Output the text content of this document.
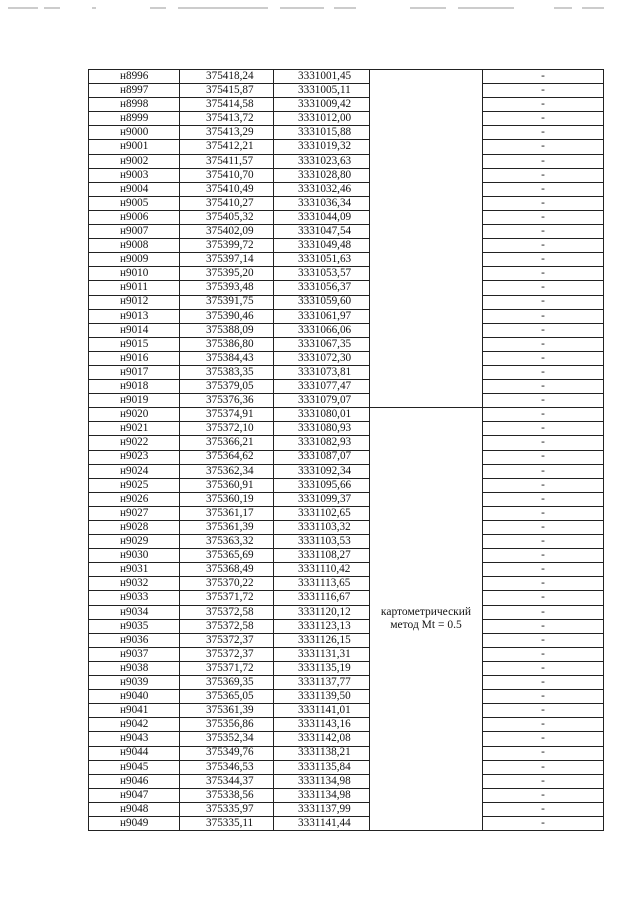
н8996	375418,24	3331001,45		-
н8997	375415,87	3331005,11		-
н8998	375414,58	3331009,42		-
н8999	375413,72	3331012,00		-
н9000	375413,29	3331015,88		-
н9001	375412,21	3331019,32		-
н9002	375411,57	3331023,63		-
н9003	375410,70	3331028,80		-
н9004	375410,49	3331032,46		-
н9005	375410,27	3331036,34		-
н9006	375405,32	3331044,09		-
н9007	375402,09	3331047,54		-
н9008	375399,72	3331049,48		-
н9009	375397,14	3331051,63		-
н9010	375395,20	3331053,57		-
н9011	375393,48	3331056,37		-
н9012	375391,75	3331059,60		-
н9013	375390,46	3331061,97		-
н9014	375388,09	3331066,06		-
н9015	375386,80	3331067,35		-
н9016	375384,43	3331072,30		-
н9017	375383,35	3331073,81		-
н9018	375379,05	3331077,47		-
н9019	375376,36	3331079,07		-
н9020	375374,91	3331080,01	картометрический
метод Mt = 0.5	-
н9021	375372,10	3331080,93		-
н9022	375366,21	3331082,93		-
н9023	375364,62	3331087,07		-
н9024	375362,34	3331092,34		-
н9025	375360,91	3331095,66		-
н9026	375360,19	3331099,37		-
н9027	375361,17	3331102,65		-
н9028	375361,39	3331103,32		-
н9029	375363,32	3331103,53		-
н9030	375365,69	3331108,27		-
н9031	375368,49	3331110,42		-
н9032	375370,22	3331113,65		-
н9033	375371,72	3331116,67		-
н9034	375372,58	3331120,12		-
н9035	375372,58	3331123,13		-
н9036	375372,37	3331126,15		-
н9037	375372,37	3331131,31		-
н9038	375371,72	3331135,19		-
н9039	375369,35	3331137,77		-
н9040	375365,05	3331139,50		-
н9041	375361,39	3331141,01		-
н9042	375356,86	3331143,16		-
н9043	375352,34	3331142,08		-
н9044	375349,76	3331138,21		-
н9045	375346,53	3331135,84		-
н9046	375344,37	3331134,98		-
н9047	375338,56	3331134,98		-
н9048	375335,97	3331137,99		-
н9049	375335,11	3331141,44		-
